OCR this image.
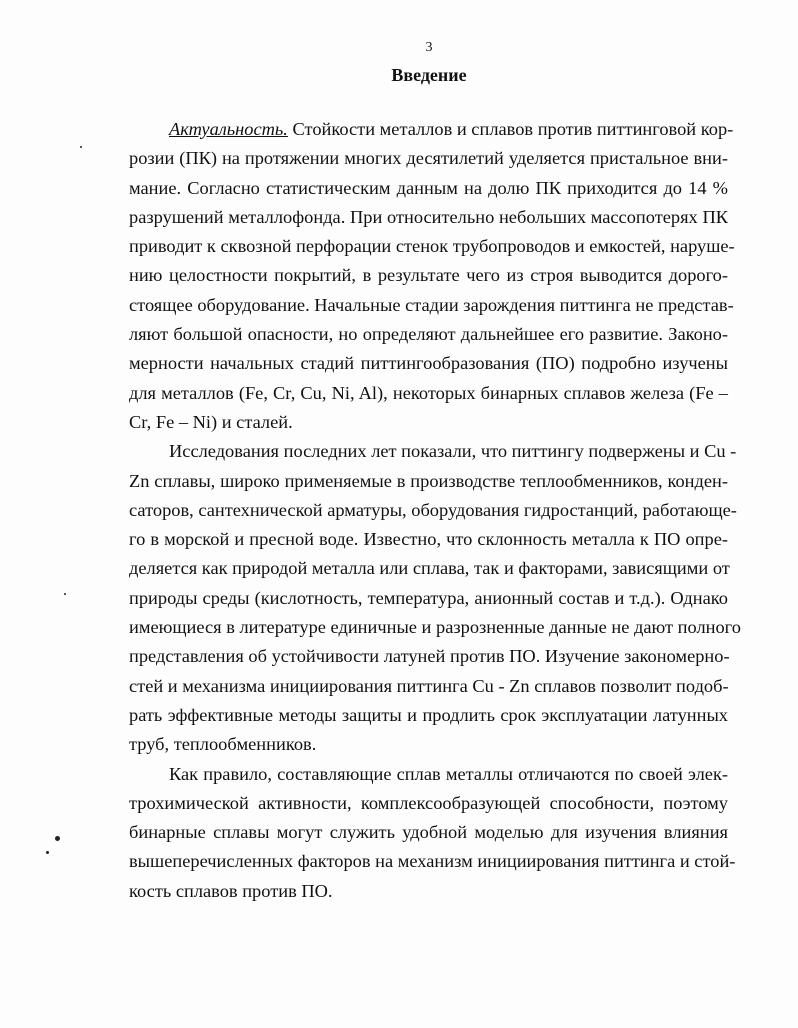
3

Введение

Актуальность. Стойкости металлов и сплавов против питтинговой кор-
розии (ПК) на протяжении многих десятилетий уделяется пристальное вни-
мание. Согласно статистическим данным на долю ПК приходится до 14 %
разрушений металлофонда. При относительно небольших массопотерях ПК
приводит к сквозной перфорации стенок трубопроводов и емкостей, наруше-
нию целостности покрытий, в результате чего из строя выводится дорого-
стоящее оборудование. Начальные стадии зарождения питтинга не представ-
ляют большой опасности, но определяют дальнейшее его развитие. Законо-
мерности начальных стадий питтингообразования (ПО) подробно изучены
для металлов (Fe, Cr, Cu, Ni, Al), некоторых бинарных сплавов железа (Fe –
Cr, Fe – Ni) и сталей.

Исследования последних лет показали, что питтингу подвержены и Cu -
Zn сплавы, широко применяемые в производстве теплообменников, конден-
саторов, сантехнической арматуры, оборудования гидростанций, работающе-
го в морской и пресной воде. Известно, что склонность металла к ПО опре-
деляется как природой металла или сплава, так и факторами, зависящими от
природы среды (кислотность, температура, анионный состав и т.д.). Однако
имеющиеся в литературе единичные и разрозненные данные не дают полного
представления об устойчивости латуней против ПО. Изучение закономерно-
стей и механизма инициирования питтинга Cu - Zn сплавов позволит подоб-
рать эффективные методы защиты и продлить срок эксплуатации латунных
труб, теплообменников.

Как правило, составляющие сплав металлы отличаются по своей элек-
трохимической активности, комплексообразующей способности, поэтому
бинарные сплавы могут служить удобной моделью для изучения влияния
вышеперечисленных факторов на механизм инициирования питтинга и стой-
кость сплавов против ПО.
